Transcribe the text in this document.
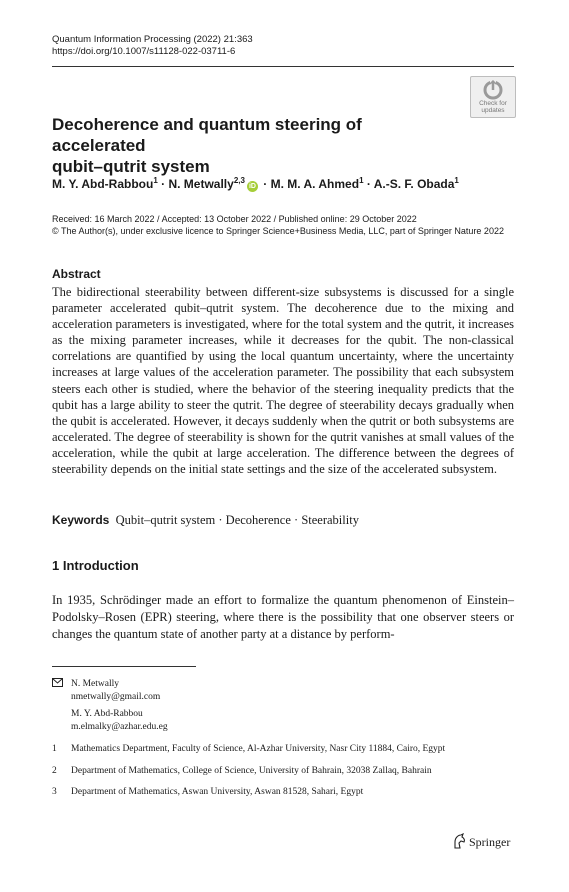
Quantum Information Processing (2022) 21:363
https://doi.org/10.1007/s11128-022-03711-6
Check for
updates
Decoherence and quantum steering of accelerated
qubit–qutrit system
M. Y. Abd-Rabbou$^1$ · N. Metwally$^{2,3}$iD · M. M. A. Ahmed$^1$ · A.-S. F. Obada$^1$
Received: 16 March 2022 / Accepted: 13 October 2022 / Published online: 29 October 2022
© The Author(s), under exclusive licence to Springer Science+Business Media, LLC, part of Springer Nature 2022
Abstract
The bidirectional steerability between different-size subsystems is discussed for a single parameter accelerated qubit–qutrit system. The decoherence due to the mixing and acceleration parameters is investigated, where for the total system and the qutrit, it increases as the mixing parameter increases, while it decreases for the qubit. The non-classical correlations are quantified by using the local quantum uncertainty, where the uncertainty increases at large values of the acceleration parameter. The possibility that each subsystem steers each other is studied, where the behavior of the steering inequality predicts that the qubit has a large ability to steer the qutrit. The degree of steerability decays gradually when the qubit is accelerated. However, it decays suddenly when the qutrit or both subsystems are accelerated. The degree of steerability is shown for the qutrit vanishes at small values of the acceleration, while the qubit at large acceleration. The difference between the degrees of steerability depends on the initial state settings and the size of the accelerated subsystem.
Keywords Qubit–qutrit system · Decoherence · Steerability
1 Introduction
In 1935, Schrödinger made an effort to formalize the quantum phenomenon of Einstein–Podolsky–Rosen (EPR) steering, where there is the possibility that one observer steers or changes the quantum state of another party at a distance by perform-
N. Metwally
nmetwally@gmail.com
M. Y. Abd-Rabbou
m.elmalky@azhar.edu.eg
1 Mathematics Department, Faculty of Science, Al-Azhar University, Nasr City 11884, Cairo, Egypt
2 Department of Mathematics, College of Science, University of Bahrain, 32038 Zallaq, Bahrain
3 Department of Mathematics, Aswan University, Aswan 81528, Sahari, Egypt
Springer
